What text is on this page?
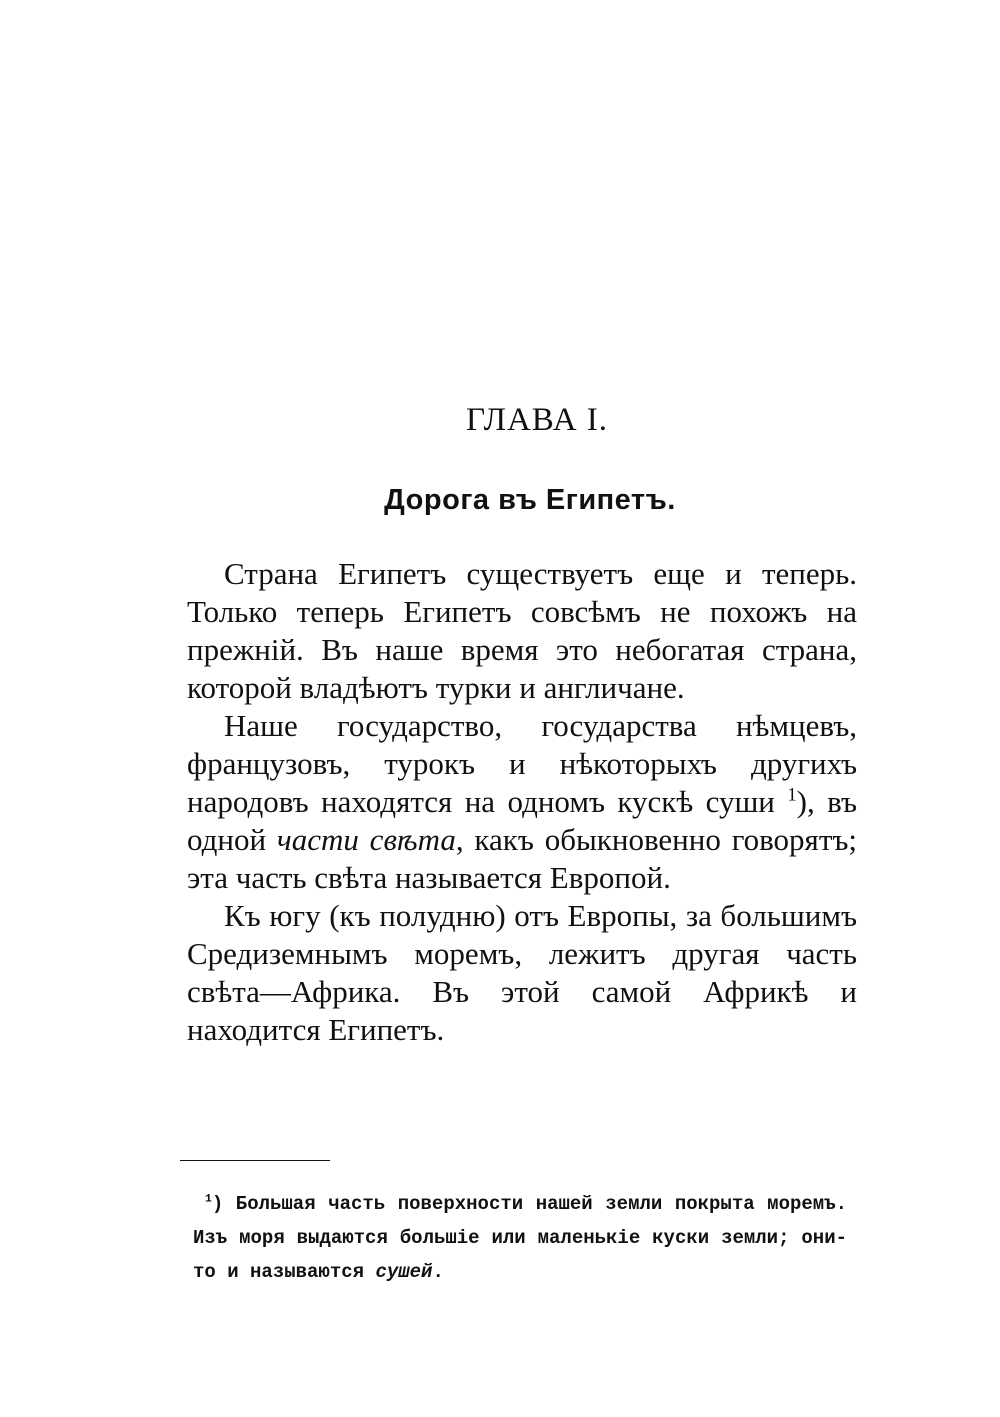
ГЛАВА I.
Дорога въ Египетъ.

Страна Египетъ существуетъ еще и теперь. Только теперь Египетъ совсѣмъ не похожъ на прежній. Въ наше время это небогатая страна, которой владѣютъ турки и англичане.

Наше государство, государства нѣмцевъ, французовъ, турокъ и нѣкоторыхъ другихъ народовъ находятся на одномъ кускѣ суши $^1$), въ одной части свѣта, какъ обыкновенно говорятъ; эта часть свѣта называется Европой.

Къ югу (къ полудню) отъ Европы, за большимъ Средиземнымъ моремъ, лежитъ другая часть свѣта—Африка. Въ этой самой Африкѣ и находится Египетъ.

$^1$) Большая часть поверхности нашей земли покрыта моремъ. Изъ моря выдаются большіе или маленькіе куски земли; они-то и называются сушей.
